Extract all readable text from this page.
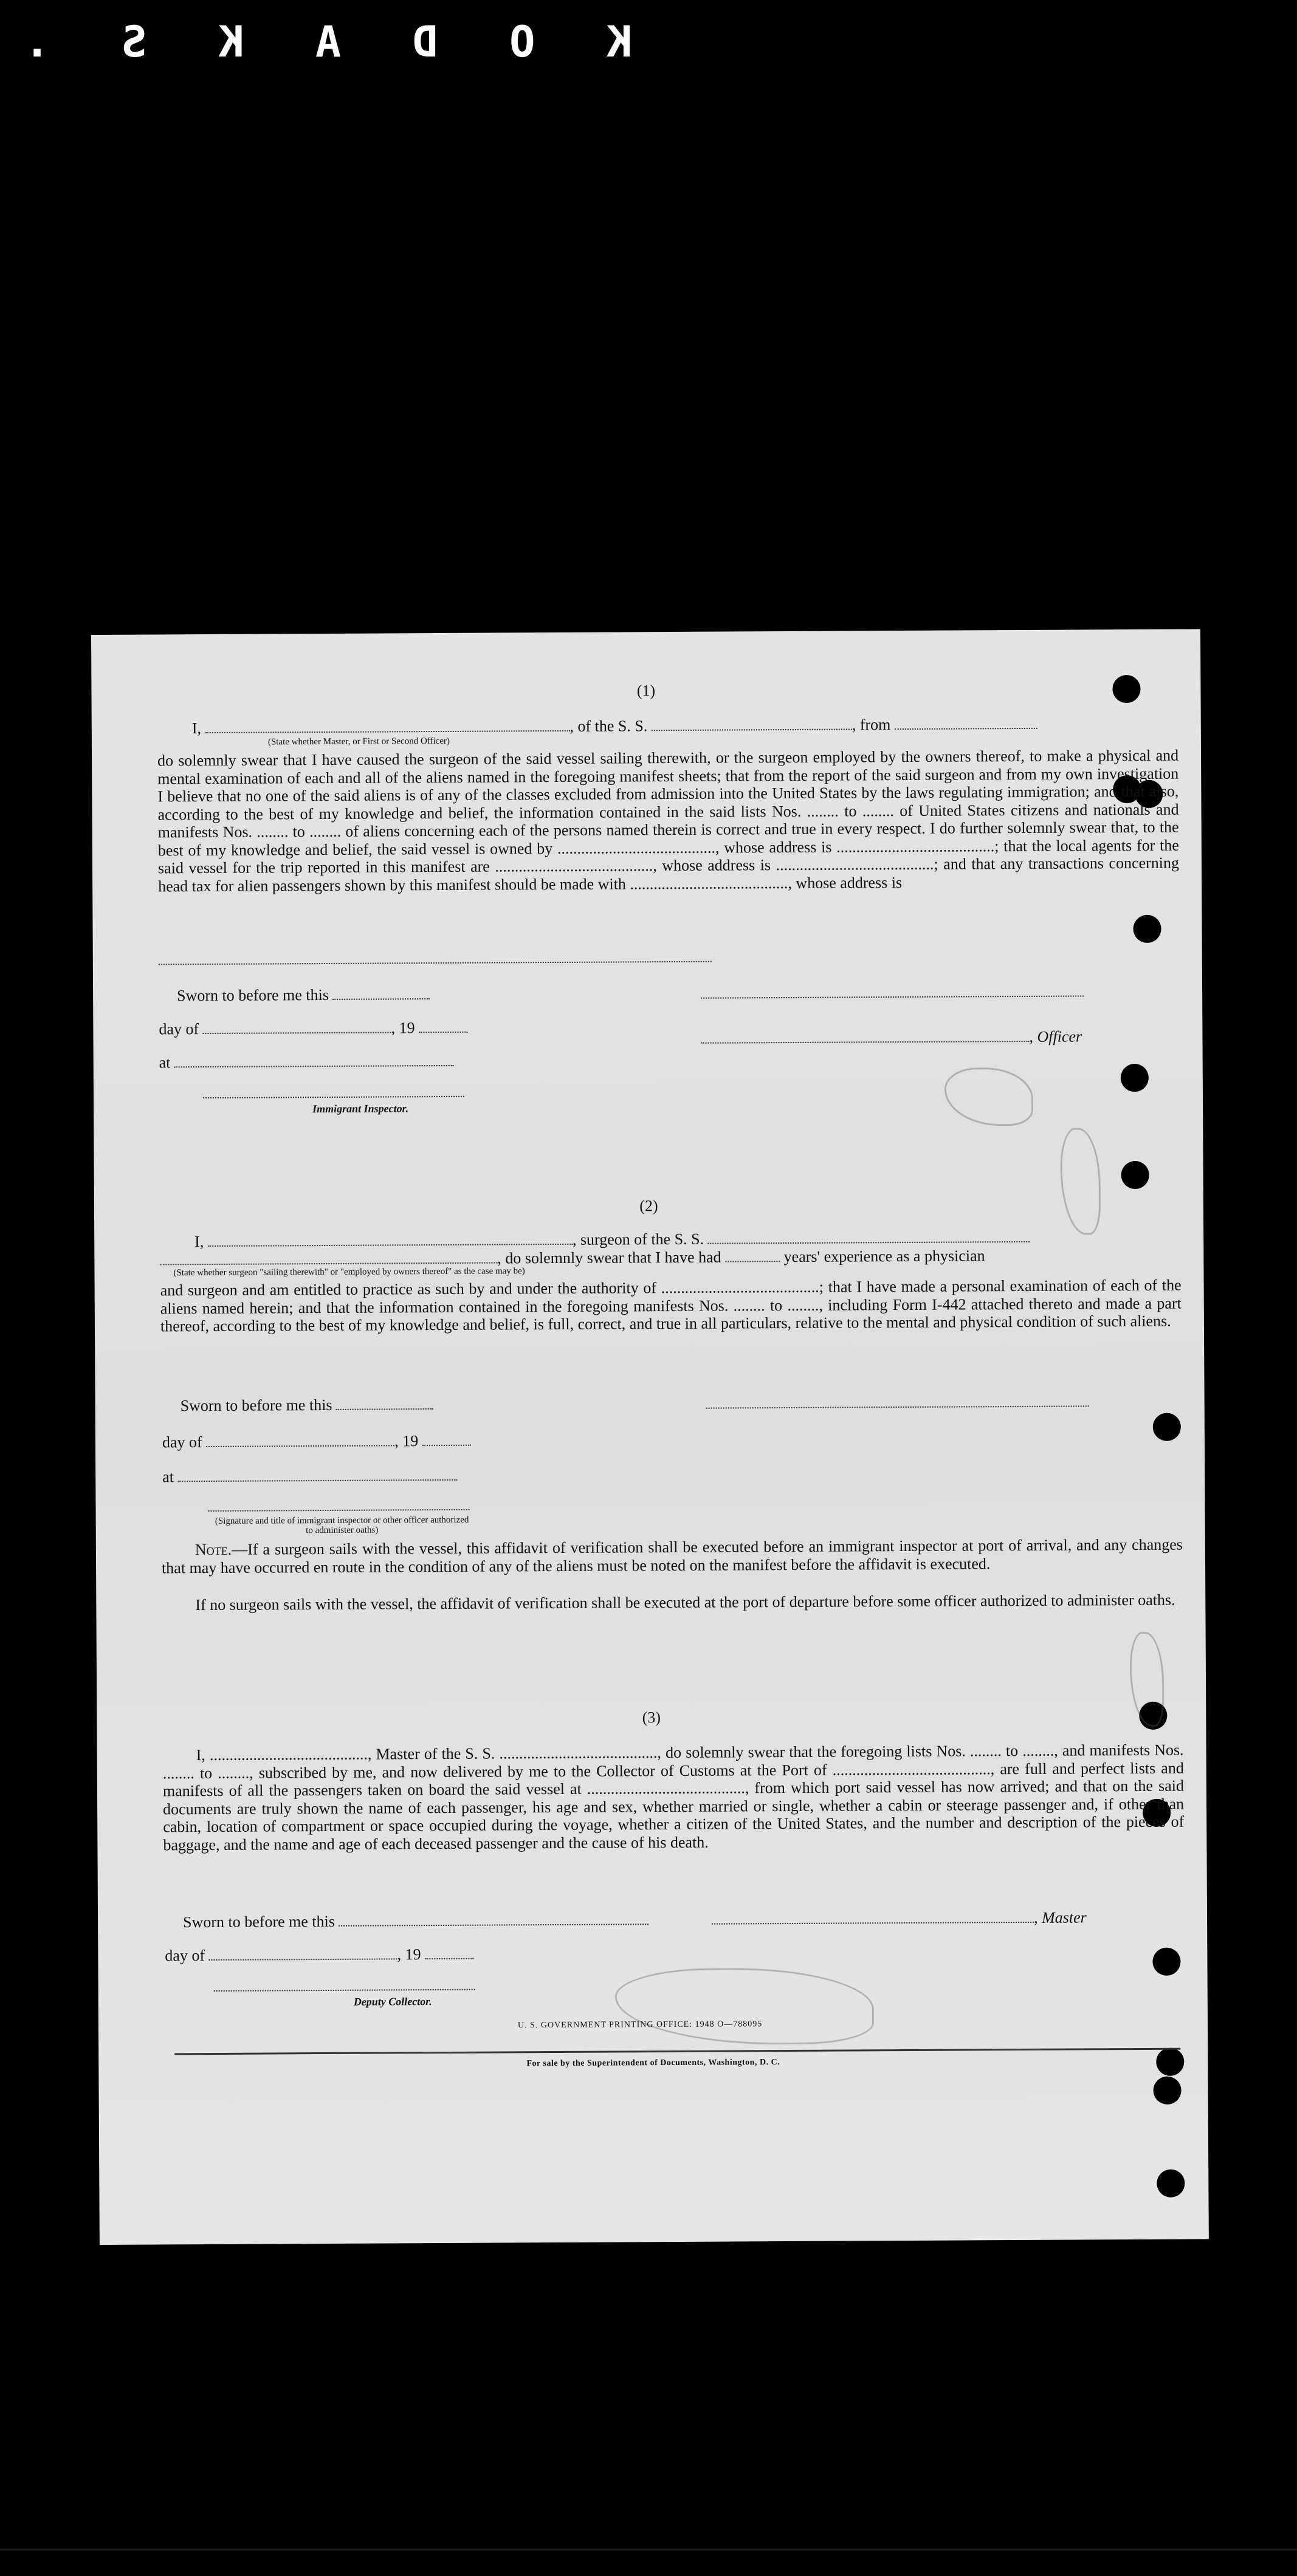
K
O
D
A
K
S
.
(1)
I,	, of the S. S.	, from
(State whether Master, or First or Second Officer)
do solemnly swear that I have caused the surgeon of the said vessel sailing therewith, or the surgeon employed by the owners thereof, to make a physical and mental examination of each and all of the aliens named in the foregoing manifest sheets; that from the report of the said surgeon and from my own investigation I believe that no one of the said aliens is of any of the classes excluded from admission into the United States by the laws regulating immigration; and that also, according to the best of my knowledge and belief, the information contained in the said lists Nos. ........ to ........ of United States citizens and nationals and manifests Nos. ........ to ........ of aliens concerning each of the persons named therein is correct and true in every respect. I do further solemnly swear that, to the best of my knowledge and belief, the said vessel is owned by ........................................, whose address is ........................................; that the local agents for the said vessel for the trip reported in this manifest are ........................................, whose address is ........................................; and that any transactions concerning head tax for alien passengers shown by this manifest should be made with ........................................, whose address is
Sworn to before me this
day of	, 19	, Officer
at
Immigrant Inspector.
(2)
I,	, surgeon of the S. S.
, do solemnly swear that I have had	years' experience as a physician
(State whether surgeon "sailing therewith" or "employed by owners thereof" as the case may be)
and surgeon and am entitled to practice as such by and under the authority of ........................................; that I have made a personal examination of each of the aliens named herein; and that the information contained in the foregoing manifests Nos. ........ to ........, including Form I-442 attached thereto and made a part thereof, according to the best of my knowledge and belief, is full, correct, and true in all particulars, relative to the mental and physical condition of such aliens.
Sworn to before me this
day of	, 19
at
(Signature and title of immigrant inspector or other officer authorized to administer oaths)
Note.—If a surgeon sails with the vessel, this affidavit of verification shall be executed before an immigrant inspector at port of arrival, and any changes that may have occurred en route in the condition of any of the aliens must be noted on the manifest before the affidavit is executed.
If no surgeon sails with the vessel, the affidavit of verification shall be executed at the port of departure before some officer authorized to administer oaths.
(3)
I, ........................................, Master of the S. S. ........................................, do solemnly swear that the foregoing lists Nos. ........ to ........, and manifests Nos. ........ to ........, subscribed by me, and now delivered by me to the Collector of Customs at the Port of ........................................, are full and perfect lists and manifests of all the passengers taken on board the said vessel at ........................................, from which port said vessel has now arrived; and that on the said documents are truly shown the name of each passenger, his age and sex, whether married or single, whether a cabin or steerage passenger and, if other than cabin, location of compartment or space occupied during the voyage, whether a citizen of the United States, and the number and description of the pieces of baggage, and the name and age of each deceased passenger and the cause of his death.
Sworn to before me this	, Master
day of	, 19
Deputy Collector.
U. S. GOVERNMENT PRINTING OFFICE: 1948 O—788095
For sale by the Superintendent of Documents, Washington, D. C.
